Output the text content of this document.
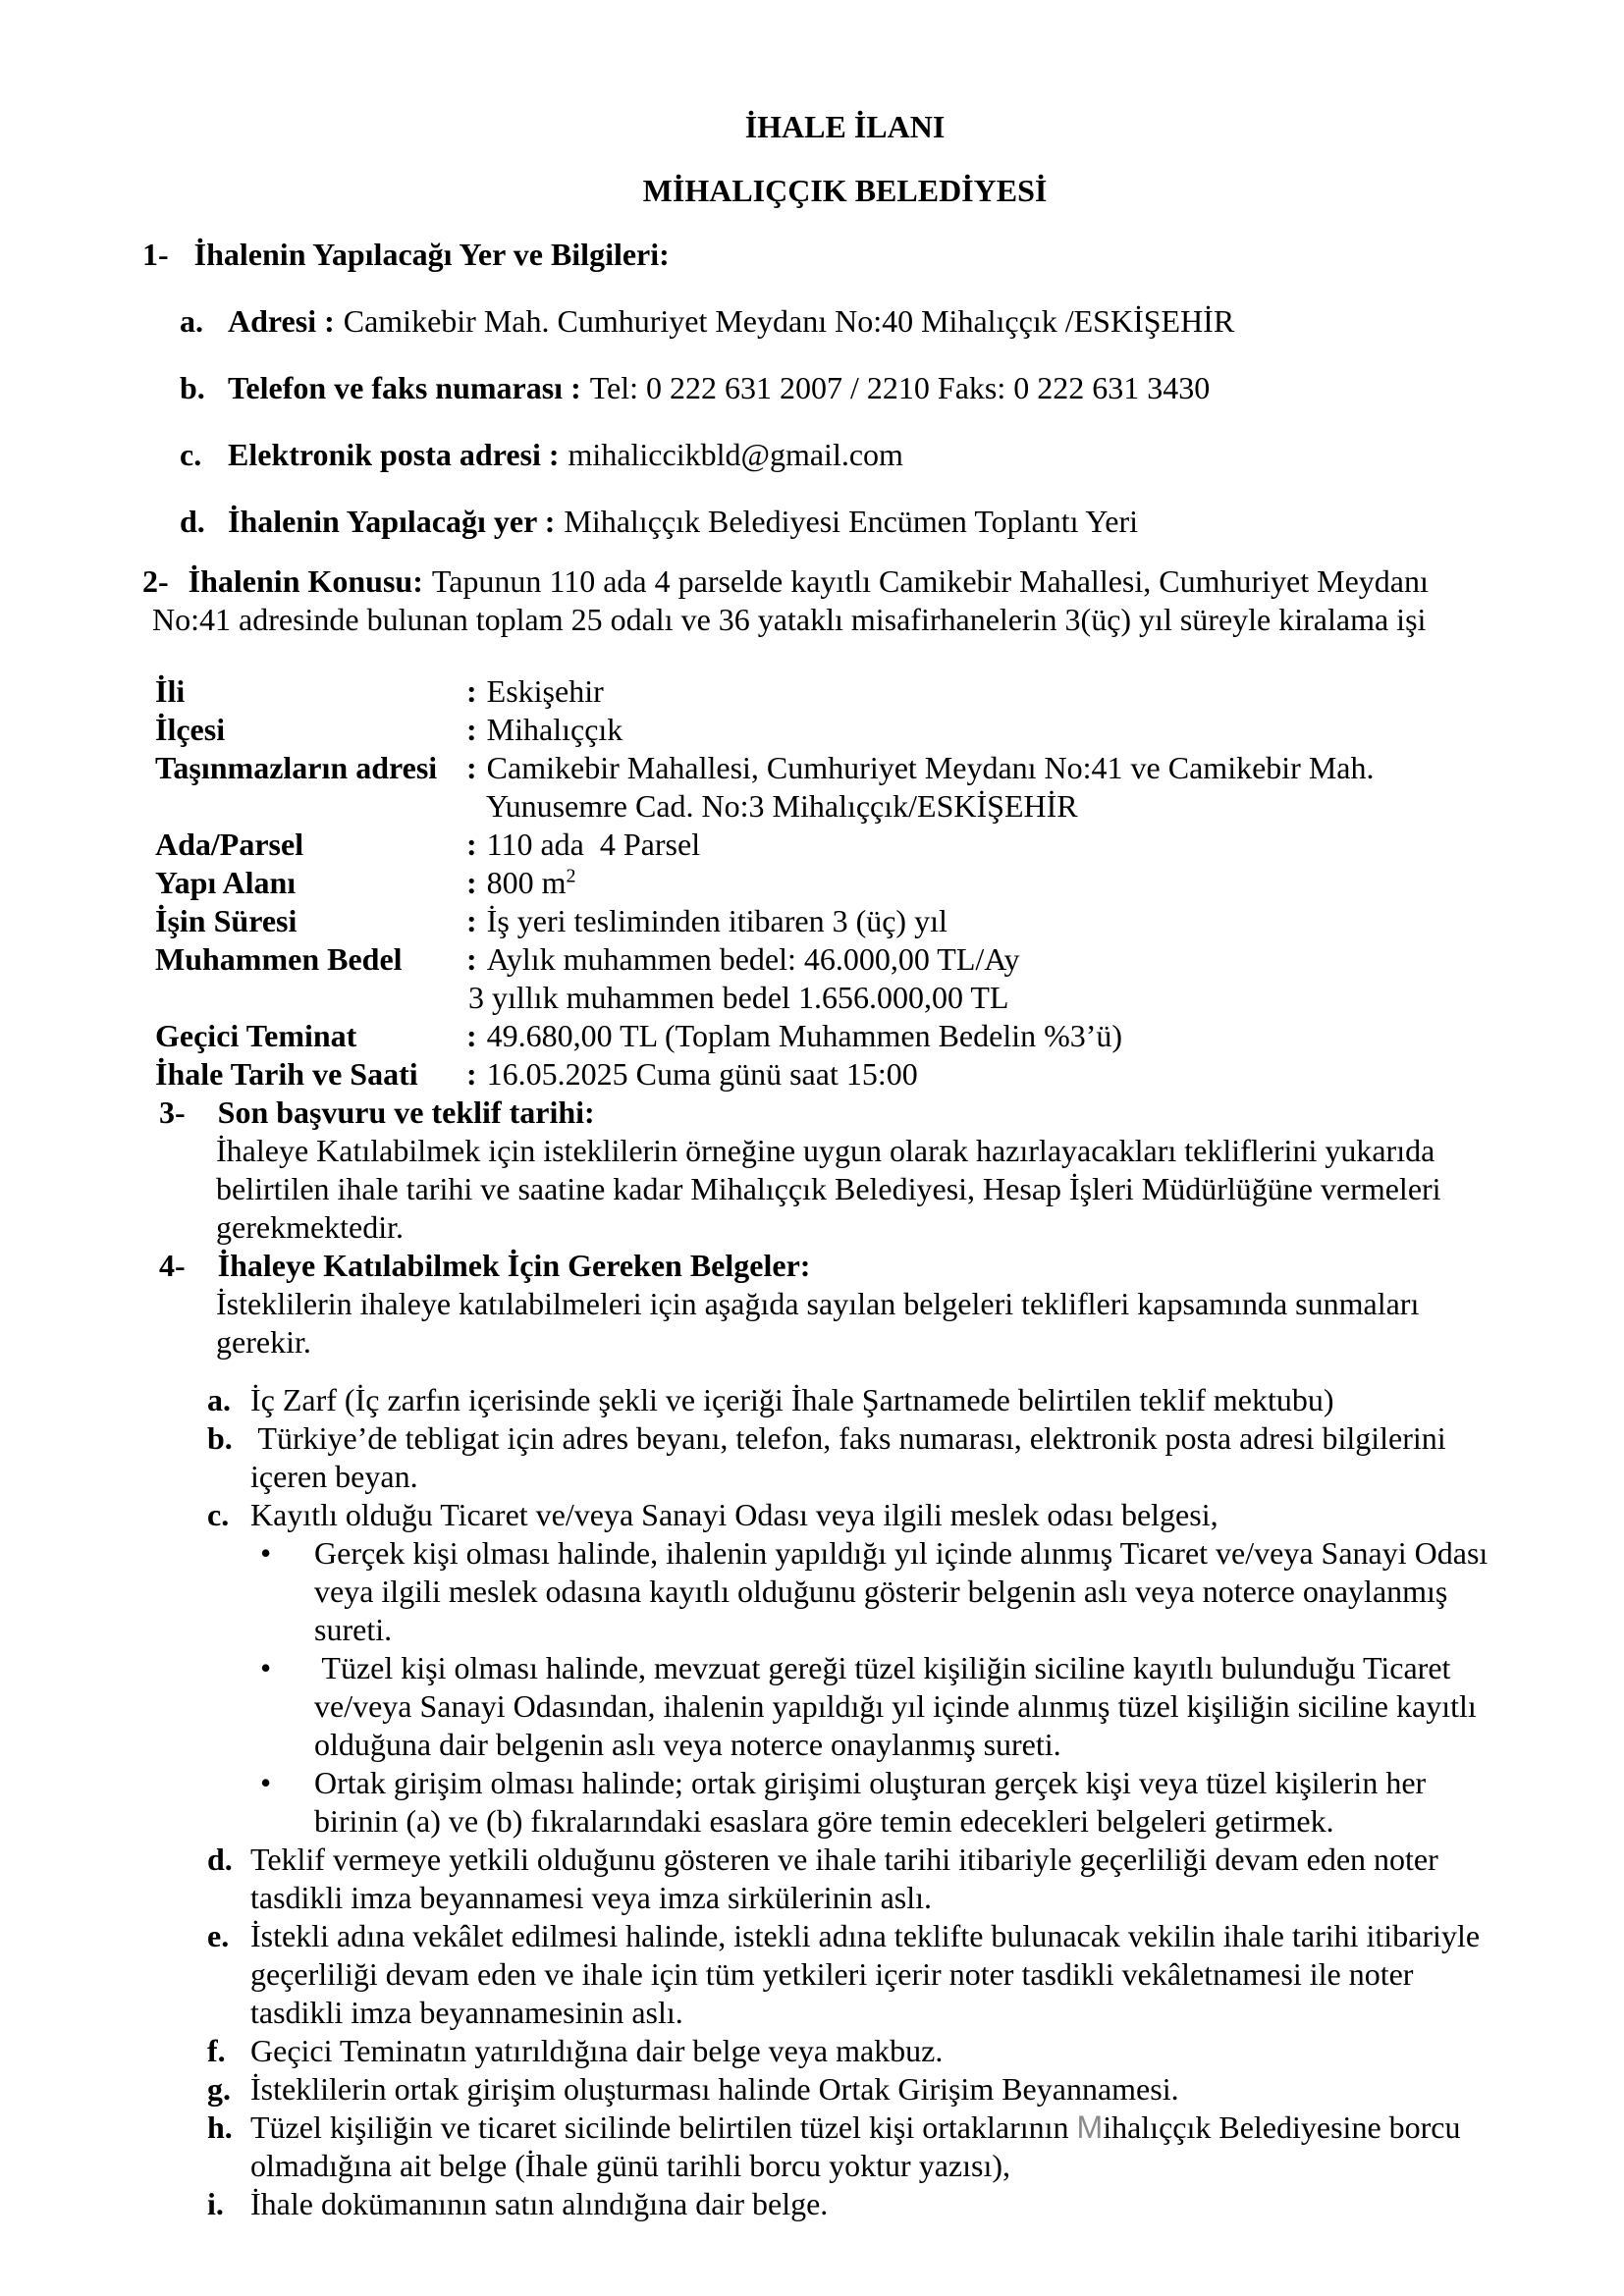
İHALE İLANI
MİHALIÇÇIK BELEDİYESİ
1- İhalenin Yapılacağı Yer ve Bilgileri:
a. Adresi : Camikebir Mah. Cumhuriyet Meydanı No:40 Mihalıççık /ESKİŞEHİR
b. Telefon ve faks numarası : Tel: 0 222 631 2007 / 2210 Faks: 0 222 631 3430
c. Elektronik posta adresi : mihaliccikbld@gmail.com
d. İhalenin Yapılacağı yer : Mihalıççık Belediyesi Encümen Toplantı Yeri
2- İhalenin Konusu: Tapunun 110 ada 4 parselde kayıtlı Camikebir Mahallesi, Cumhuriyet Meydanı
No:41 adresinde bulunan toplam 25 odalı ve 36 yataklı misafirhanelerin 3(üç) yıl süreyle kiralama işi
İli	: Eskişehir
İlçesi	: Mihalıççık
Taşınmazların adresi : Camikebir Mahallesi, Cumhuriyet Meydanı No:41 ve Camikebir Mah.
Yunusemre Cad. No:3 Mihalıççık/ESKİŞEHİR
Ada/Parsel	: 110 ada  4 Parsel
Yapı Alanı	: 800 $m^2$
İşin Süresi	: İş yeri tesliminden itibaren 3 (üç) yıl
Muhammen Bedel	: Aylık muhammen bedel: 46.000,00 TL/Ay
3 yıllık muhammen bedel 1.656.000,00 TL
Geçici Teminat	: 49.680,00 TL (Toplam Muhammen Bedelin %3’ü)
İhale Tarih ve Saati	: 16.05.2025 Cuma günü saat 15:00
3- Son başvuru ve teklif tarihi:
İhaleye Katılabilmek için isteklilerin örneğine uygun olarak hazırlayacakları tekliflerini yukarıda
belirtilen ihale tarihi ve saatine kadar Mihalıççık Belediyesi, Hesap İşleri Müdürlüğüne vermeleri
gerekmektedir.
4- İhaleye Katılabilmek İçin Gereken Belgeler:
İsteklilerin ihaleye katılabilmeleri için aşağıda sayılan belgeleri teklifleri kapsamında sunmaları
gerekir.
a. İç Zarf (İç zarfın içerisinde şekli ve içeriği İhale Şartnamede belirtilen teklif mektubu)
b. Türkiye’de tebligat için adres beyanı, telefon, faks numarası, elektronik posta adresi bilgilerini
içeren beyan.
c. Kayıtlı olduğu Ticaret ve/veya Sanayi Odası veya ilgili meslek odası belgesi,
•	Gerçek kişi olması halinde, ihalenin yapıldığı yıl içinde alınmış Ticaret ve/veya Sanayi Odası
veya ilgili meslek odasına kayıtlı olduğunu gösterir belgenin aslı veya noterce onaylanmış
sureti.
•	Tüzel kişi olması halinde, mevzuat gereği tüzel kişiliğin siciline kayıtlı bulunduğu Ticaret
ve/veya Sanayi Odasından, ihalenin yapıldığı yıl içinde alınmış tüzel kişiliğin siciline kayıtlı
olduğuna dair belgenin aslı veya noterce onaylanmış sureti.
•	Ortak girişim olması halinde; ortak girişimi oluşturan gerçek kişi veya tüzel kişilerin her
birinin (a) ve (b) fıkralarındaki esaslara göre temin edecekleri belgeleri getirmek.
d. Teklif vermeye yetkili olduğunu gösteren ve ihale tarihi itibariyle geçerliliği devam eden noter
tasdikli imza beyannamesi veya imza sirkülerinin aslı.
e. İstekli adına vekâlet edilmesi halinde, istekli adına teklifte bulunacak vekilin ihale tarihi itibariyle
geçerliliği devam eden ve ihale için tüm yetkileri içerir noter tasdikli vekâletnamesi ile noter
tasdikli imza beyannamesinin aslı.
f. Geçici Teminatın yatırıldığına dair belge veya makbuz.
g. İsteklilerin ortak girişim oluşturması halinde Ortak Girişim Beyannamesi.
h. Tüzel kişiliğin ve ticaret sicilinde belirtilen tüzel kişi ortaklarının Mihalıççık Belediyesine borcu
olmadığına ait belge (İhale günü tarihli borcu yoktur yazısı),
i. İhale dokümanının satın alındığına dair belge.
